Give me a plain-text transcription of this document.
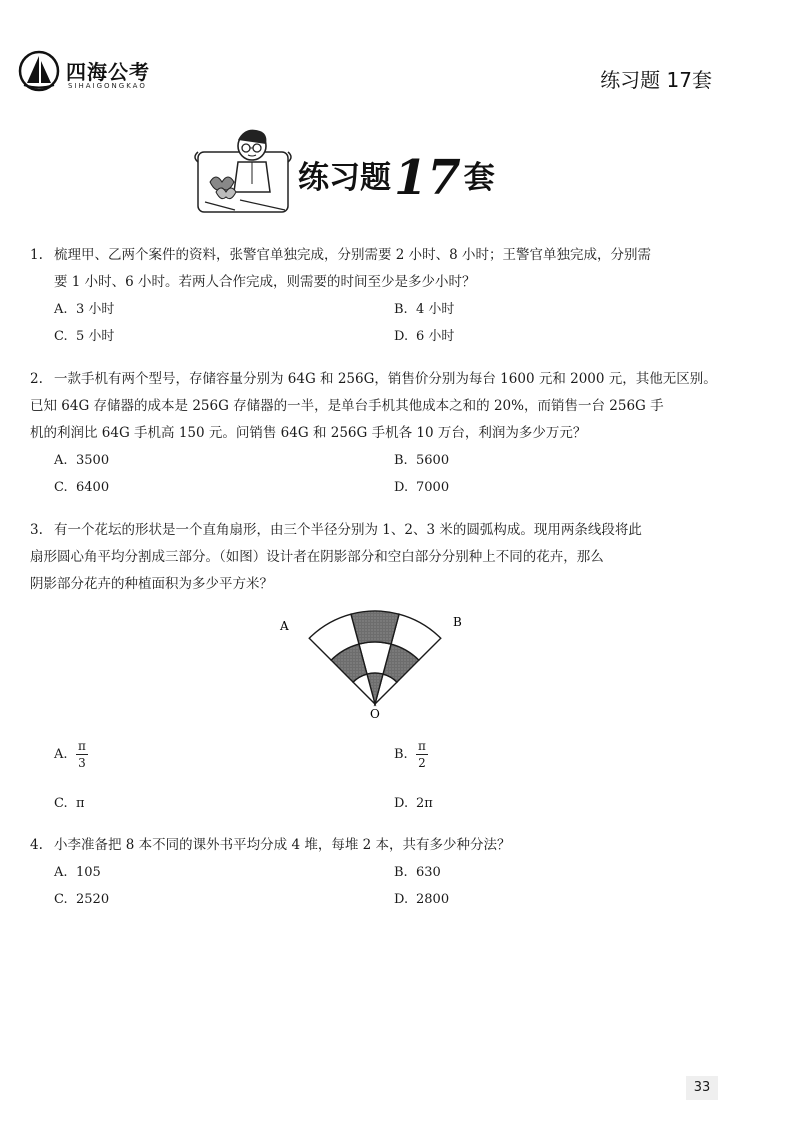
四海公考
SIHAIGONGKAO	练习题 17套
练习题17套

1. 梳理甲、乙两个案件的资料，张警官单独完成，分别需要 2 小时、8 小时；王警官单独完成，分别需

要 1 小时、6 小时。若两人合作完成，则需要的时间至少是多少小时？

A. 3 小时	B. 4 小时
C. 5 小时	D. 6 小时

2. 一款手机有两个型号，存储容量分别为 64G 和 256G，销售价分别为每台 1600 元和 2000 元，其他无区别。

已知 64G 存储器的成本是 256G 存储器的一半，是单台手机其他成本之和的 20%，而销售一台 256G 手

机的利润比 64G 手机高 150 元。问销售 64G 和 256G 手机各 10 万台，利润为多少万元？

A. 3500	B. 5600
C. 6400	D. 7000

3. 有一个花坛的形状是一个直角扇形，由三个半径分别为 1、2、3 米的圆弧构成。现用两条线段将此

扇形圆心角平均分割成三部分。（如图）设计者在阴影部分和空白部分分别种上不同的花卉，那么

阴影部分花卉的种植面积为多少平方米？

A	B
O
A. $\frac{\pi}{3}$	B. $\frac{\pi}{2}$
C. π	D. 2π

4. 小李准备把 8 本不同的课外书平均分成 4 堆，每堆 2 本，共有多少种分法？

A. 105	B. 630
C. 2520	D. 2800
33
